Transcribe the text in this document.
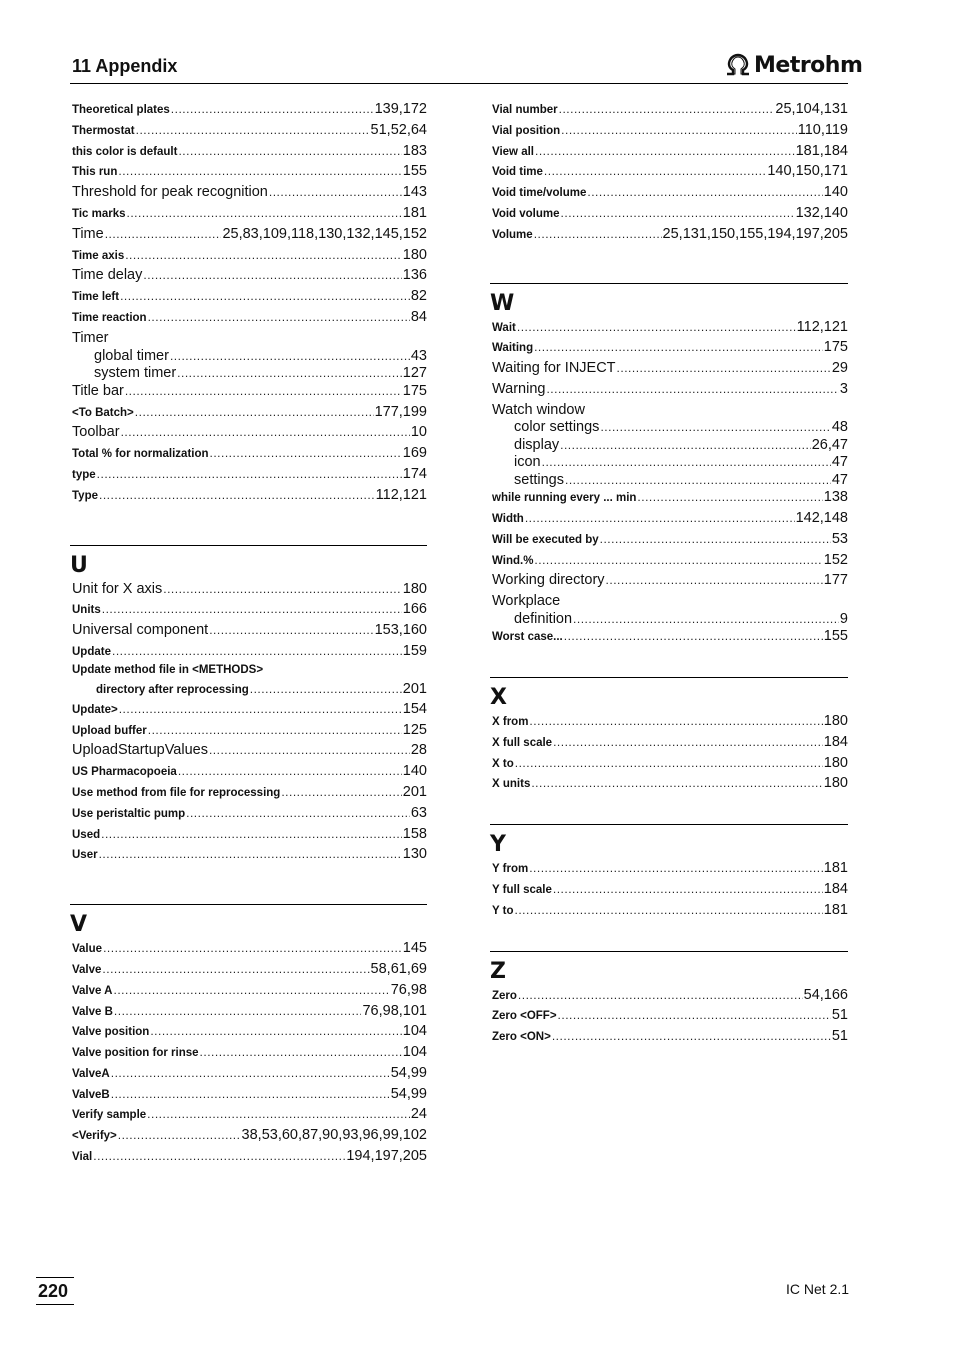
11 Appendix	Metrohm
Theoretical plates .....	139,172
Thermostat .....	51,52,64
this color is default .....	183
This run .....	155
Threshold for peak recognition .....	143
Tic marks .....	181
Time .....	25,83,109,118,130,132,145,152
Time axis .....	180
Time delay .....	136
Time left .....	82
Time reaction .....	84
Timer
global timer .....	43
system timer .....	127
Title bar .....	175
<To Batch> .....	177,199
Toolbar .....	10
Total % for normalization .....	169
type .....	174
Type .....	112,121
U
Unit for X axis .....	180
Units .....	166
Universal component .....	153,160
Update .....	159
Update method file in <METHODS>
directory after reprocessing .....	201
Update> .....	154
Upload buffer .....	125
UploadStartupValues .....	28
US Pharmacopoeia .....	140
Use method from file for reprocessing .....	201
Use peristaltic pump .....	63
Used .....	158
User .....	130
V
Value .....	145
Valve .....	58,61,69
Valve A .....	76,98
Valve B .....	76,98,101
Valve position .....	104
Valve position for rinse .....	104
ValveA .....	54,99
ValveB .....	54,99
Verify sample .....	24
<Verify> .....	38,53,60,87,90,93,96,99,102
Vial .....	194,197,205
Vial number .....	25,104,131
Vial position .....	110,119
View all .....	181,184
Void time .....	140,150,171
Void time/volume .....	140
Void volume .....	132,140
Volume .....	25,131,150,155,194,197,205
W
Wait .....	112,121
Waiting .....	175
Waiting for INJECT .....	29
Warning .....	3
Watch window
color settings .....	48
display .....	26,47
icon .....	47
settings .....	47
while running every ... min .....	138
Width .....	142,148
Will be executed by .....	53
Wind.% .....	152
Working directory .....	177
Workplace
definition .....	9
Worst case... .....	155
X
X from .....	180
X full scale .....	184
X to .....	180
X units .....	180
Y
Y from .....	181
Y full scale .....	184
Y to .....	181
Z
Zero .....	54,166
Zero <OFF> .....	51
Zero <ON> .....	51
220	IC Net 2.1
